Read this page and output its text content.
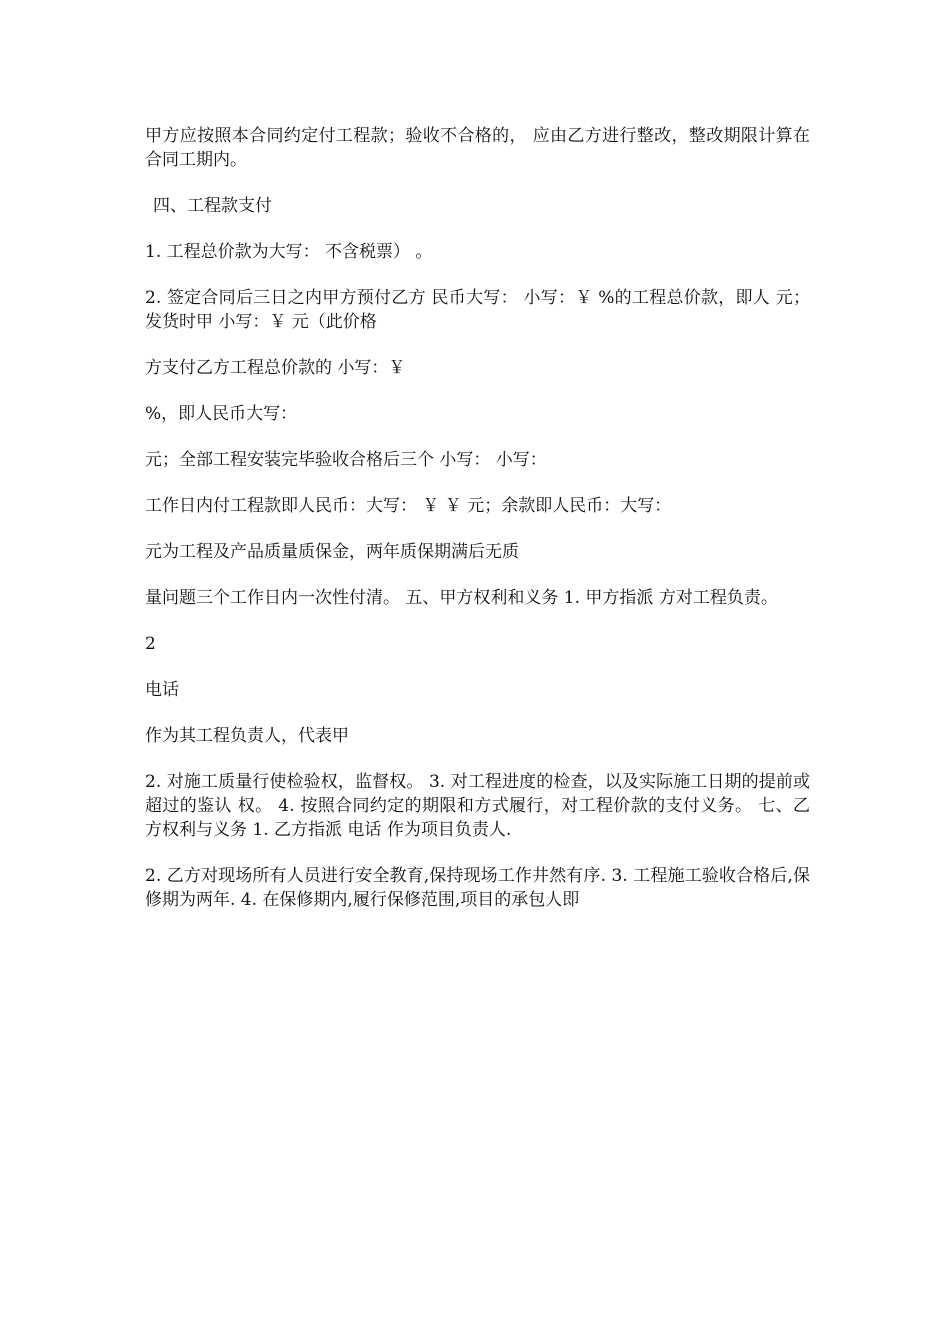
甲方应按照本合同约定付工程款；验收不合格的， 应由乙方进行整改，整改期限计算在合同工期内。

四、工程款支付

1. 工程总价款为大写： 不含税票） 。

2. 签定合同后三日之内甲方预付乙方 民币大写： 小写：￥ %的工程总价款，即人 元；发货时甲 小写：￥ 元（此价格

方支付乙方工程总价款的 小写：￥

%，即人民币大写：

元；全部工程安装完毕验收合格后三个 小写： 小写：

工作日内付工程款即人民币：大写： ￥ ￥ 元；余款即人民币：大写：

元为工程及产品质量质保金，两年质保期满后无质

量问题三个工作日内一次性付清。 五、甲方权利和义务 1. 甲方指派 方对工程负责。

2

电话

作为其工程负责人，代表甲

2. 对施工质量行使检验权，监督权。 3. 对工程进度的检查，以及实际施工日期的提前或超过的鉴认 权。 4. 按照合同约定的期限和方式履行，对工程价款的支付义务。 七、乙方权利与义务 1. 乙方指派 电话 作为项目负责人.

2. 乙方对现场所有人员进行安全教育,保持现场工作井然有序. 3. 工程施工验收合格后,保修期为两年. 4. 在保修期内,履行保修范围,项目的承包人即
